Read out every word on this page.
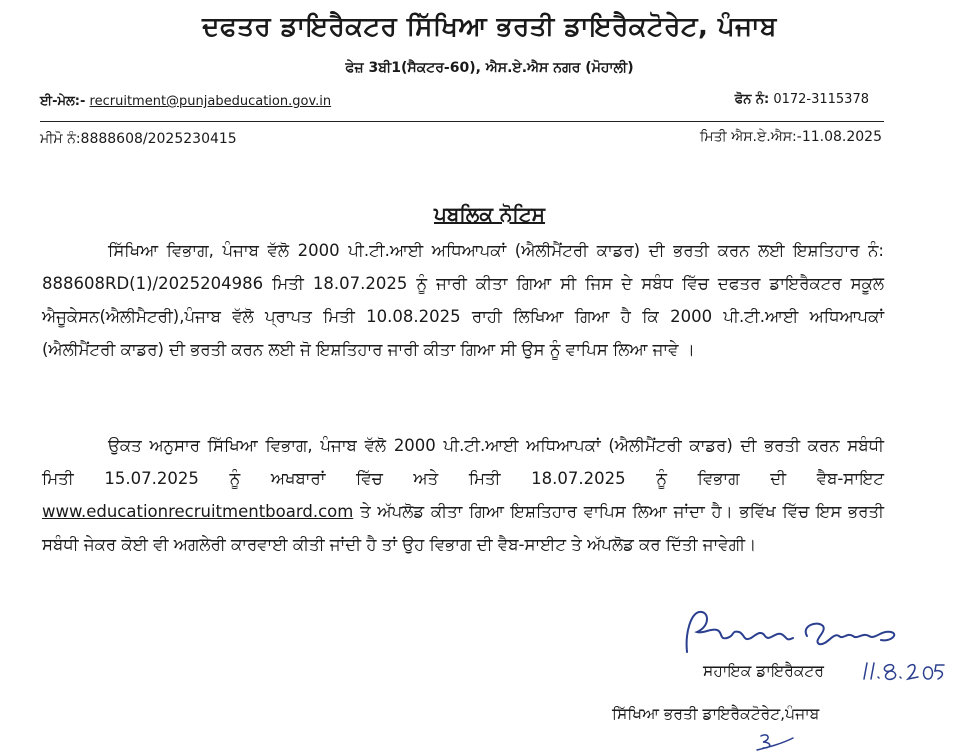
ਦਫਤਰ ਡਾਇਰੈਕਟਰ ਸਿੱਖਿਆ ਭਰਤੀ ਡਾਇਰੈਕਟੋਰੇਟ, ਪੰਜਾਬ
ਫੇਜ਼ 3ਬੀ1(ਸੈਕਟਰ-60), ਐਸ.ਏ.ਐਸ ਨਗਰ (ਮੋਹਾਲੀ)
ਈ-ਮੇਲ:- recruitment@punjabeducation.gov.in	ਫੋਨ ਨੰ: 0172-3115378
ਮੀਮੋ ਨੰ:8888608/2025230415	ਮਿਤੀ ਐਸ.ਏ.ਐਸ:-11.08.2025
ਪਬਲਿਕ ਨੋਟਿਸ
ਸਿੱਖਿਆ ਵਿਭਾਗ, ਪੰਜਾਬ ਵੱਲੋ 2000 ਪੀ.ਟੀ.ਆਈ ਅਧਿਆਪਕਾਂ (ਐਲੀਮੈਂਟਰੀ ਕਾਡਰ) ਦੀ ਭਰਤੀ ਕਰਨ ਲਈ ਇਸ਼ਤਿਹਾਰ ਨੰ: 888608RD(1)/2025204986 ਮਿਤੀ 18.07.2025 ਨੂੰ ਜਾਰੀ ਕੀਤਾ ਗਿਆ ਸੀ ਜਿਸ ਦੇ ਸਬੰਧ ਵਿੱਚ ਦਫਤਰ ਡਾਇਰੈਕਟਰ ਸਕੂਲ ਐਜੂਕੇਸਨ(ਐਲੀਮੈਟਰੀ),ਪੰਜਾਬ ਵੱਲੋ ਪ੍ਰਾਪਤ ਮਿਤੀ 10.08.2025 ਰਾਹੀ ਲਿਖਿਆ ਗਿਆ ਹੈ ਕਿ 2000 ਪੀ.ਟੀ.ਆਈ ਅਧਿਆਪਕਾਂ (ਐਲੀਮੈਂਟਰੀ ਕਾਡਰ) ਦੀ ਭਰਤੀ ਕਰਨ ਲਈ ਜੋ ਇਸ਼ਤਿਹਾਰ ਜਾਰੀ ਕੀਤਾ ਗਿਆ ਸੀ ਉਸ ਨੂੰ ਵਾਪਿਸ ਲਿਆ ਜਾਵੇ ।
ਉਕਤ ਅਨੁਸਾਰ ਸਿੱਖਿਆ ਵਿਭਾਗ, ਪੰਜਾਬ ਵੱਲੋ 2000 ਪੀ.ਟੀ.ਆਈ ਅਧਿਆਪਕਾਂ (ਐਲੀਮੈਂਟਰੀ ਕਾਡਰ) ਦੀ ਭਰਤੀ ਕਰਨ ਸਬੰਧੀ ਮਿਤੀ 15.07.2025 ਨੂੰ ਅਖਬਾਰਾਂ ਵਿੱਚ ਅਤੇ ਮਿਤੀ 18.07.2025 ਨੂੰ ਵਿਭਾਗ ਦੀ ਵੈਬ-ਸਾਇਟ www.educationrecruitmentboard.com ਤੇ ਅੱਪਲੋਡ ਕੀਤਾ ਗਿਆ ਇਸ਼ਤਿਹਾਰ ਵਾਪਿਸ ਲਿਆ ਜਾਂਦਾ ਹੈ। ਭਵਿੱਖ ਵਿੱਚ ਇਸ ਭਰਤੀ ਸਬੰਧੀ ਜੇਕਰ ਕੋਈ ਵੀ ਅਗਲੇਰੀ ਕਾਰਵਾਈ ਕੀਤੀ ਜਾਂਦੀ ਹੈ ਤਾਂ ਉਹ ਵਿਭਾਗ ਦੀ ਵੈਬ-ਸਾਈਟ ਤੇ ਅੱਪਲੋਡ ਕਰ ਦਿੱਤੀ ਜਾਵੇਗੀ।
ਸਹਾਇਕ ਡਾਇਰੈਕਟਰ
ਸਿੱਖਿਆ ਭਰਤੀ ਡਾਇਰੈਕਟੋਰੇਟ,ਪੰਜਾਬ
